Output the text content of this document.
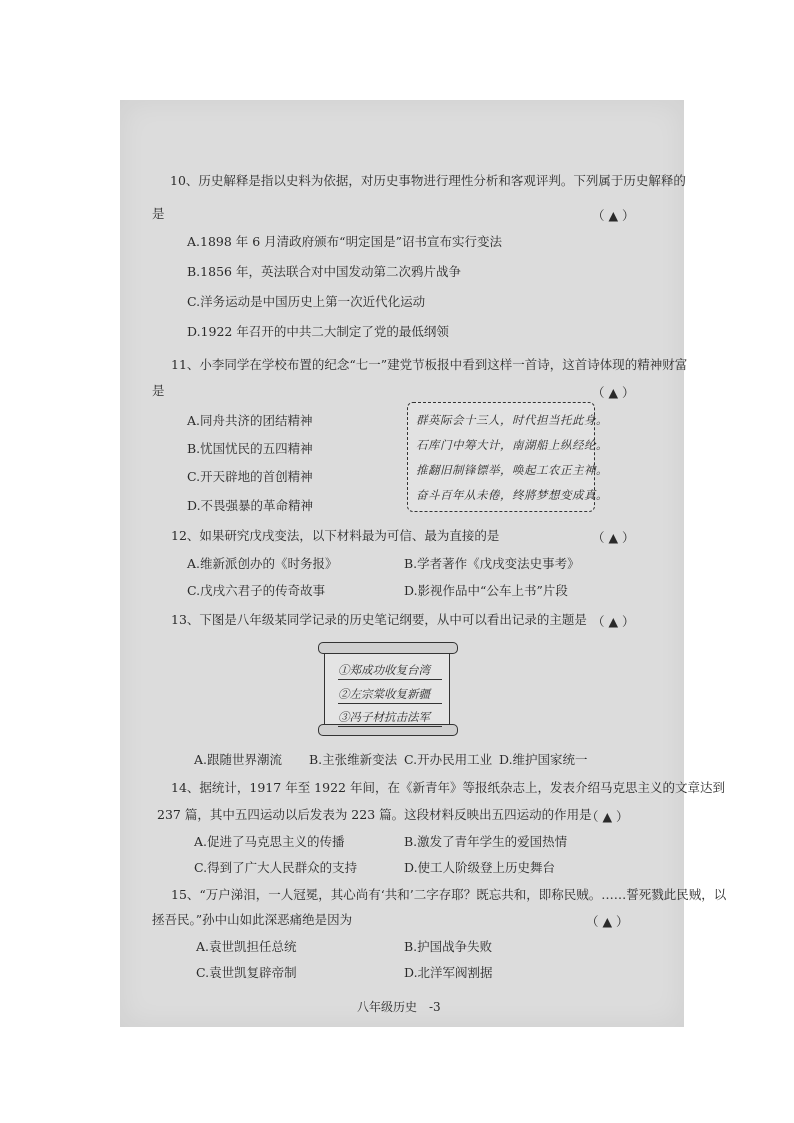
10、历史解释是指以史料为依据，对历史事物进行理性分析和客观评判。下列属于历史解释的
是	（ ▲ ）
A.1898 年 6 月清政府颁布“明定国是”诏书宣布实行变法
B.1856 年，英法联合对中国发动第二次鸦片战争
C.洋务运动是中国历史上第一次近代化运动
D.1922 年召开的中共二大制定了党的最低纲领
11、小李同学在学校布置的纪念“七一”建党节板报中看到这样一首诗，这首诗体现的精神财富
是	（ ▲ ）
A.同舟共济的团结精神
B.忧国忧民的五四精神
C.开天辟地的首创精神
D.不畏强暴的革命精神
群英际会十三人，时代担当托此身。
石库门中筹大计，南湖船上纵经纶。
推翻旧制锋镖举，唤起工农正主神。
奋斗百年从未倦，终將梦想变成真。
12、如果研究戊戌变法，以下材料最为可信、最为直接的是	（ ▲ ）
A.维新派创办的《时务报》	B.学者著作《戊戌变法史事考》
C.戊戌六君子的传奇故事	D.影视作品中“公车上书”片段
13、下图是八年级某同学记录的历史笔记纲要，从中可以看出记录的主题是 （ ▲ ）
①郑成功收复台湾
②左宗棠收复新疆
③冯子材抗击法军
A.跟随世界潮流 B.主张维新变法 C.开办民用工业 D.维护国家统一
14、据统计，1917 年至 1922 年间，在《新青年》等报纸杂志上，发表介绍马克思主义的文章达到
237 篇，其中五四运动以后发表为 223 篇。这段材料反映出五四运动的作用是
（ ▲ ）
A.促进了马克思主义的传播	B.激发了青年学生的爱国热情
C.得到了广大人民群众的支持	D.使工人阶级登上历史舞台
15、“万户涕泪，一人冠冕，其心尚有‘共和’二字存耶？既忘共和，即称民贼。……誓死戮此民贼，以
拯吾民。”孙中山如此深恶痛绝是因为	（ ▲ ）
A.袁世凯担任总统	B.护国战争失败
C.袁世凯复辟帝制	D.北洋军阀割据
八年级历史　-3
